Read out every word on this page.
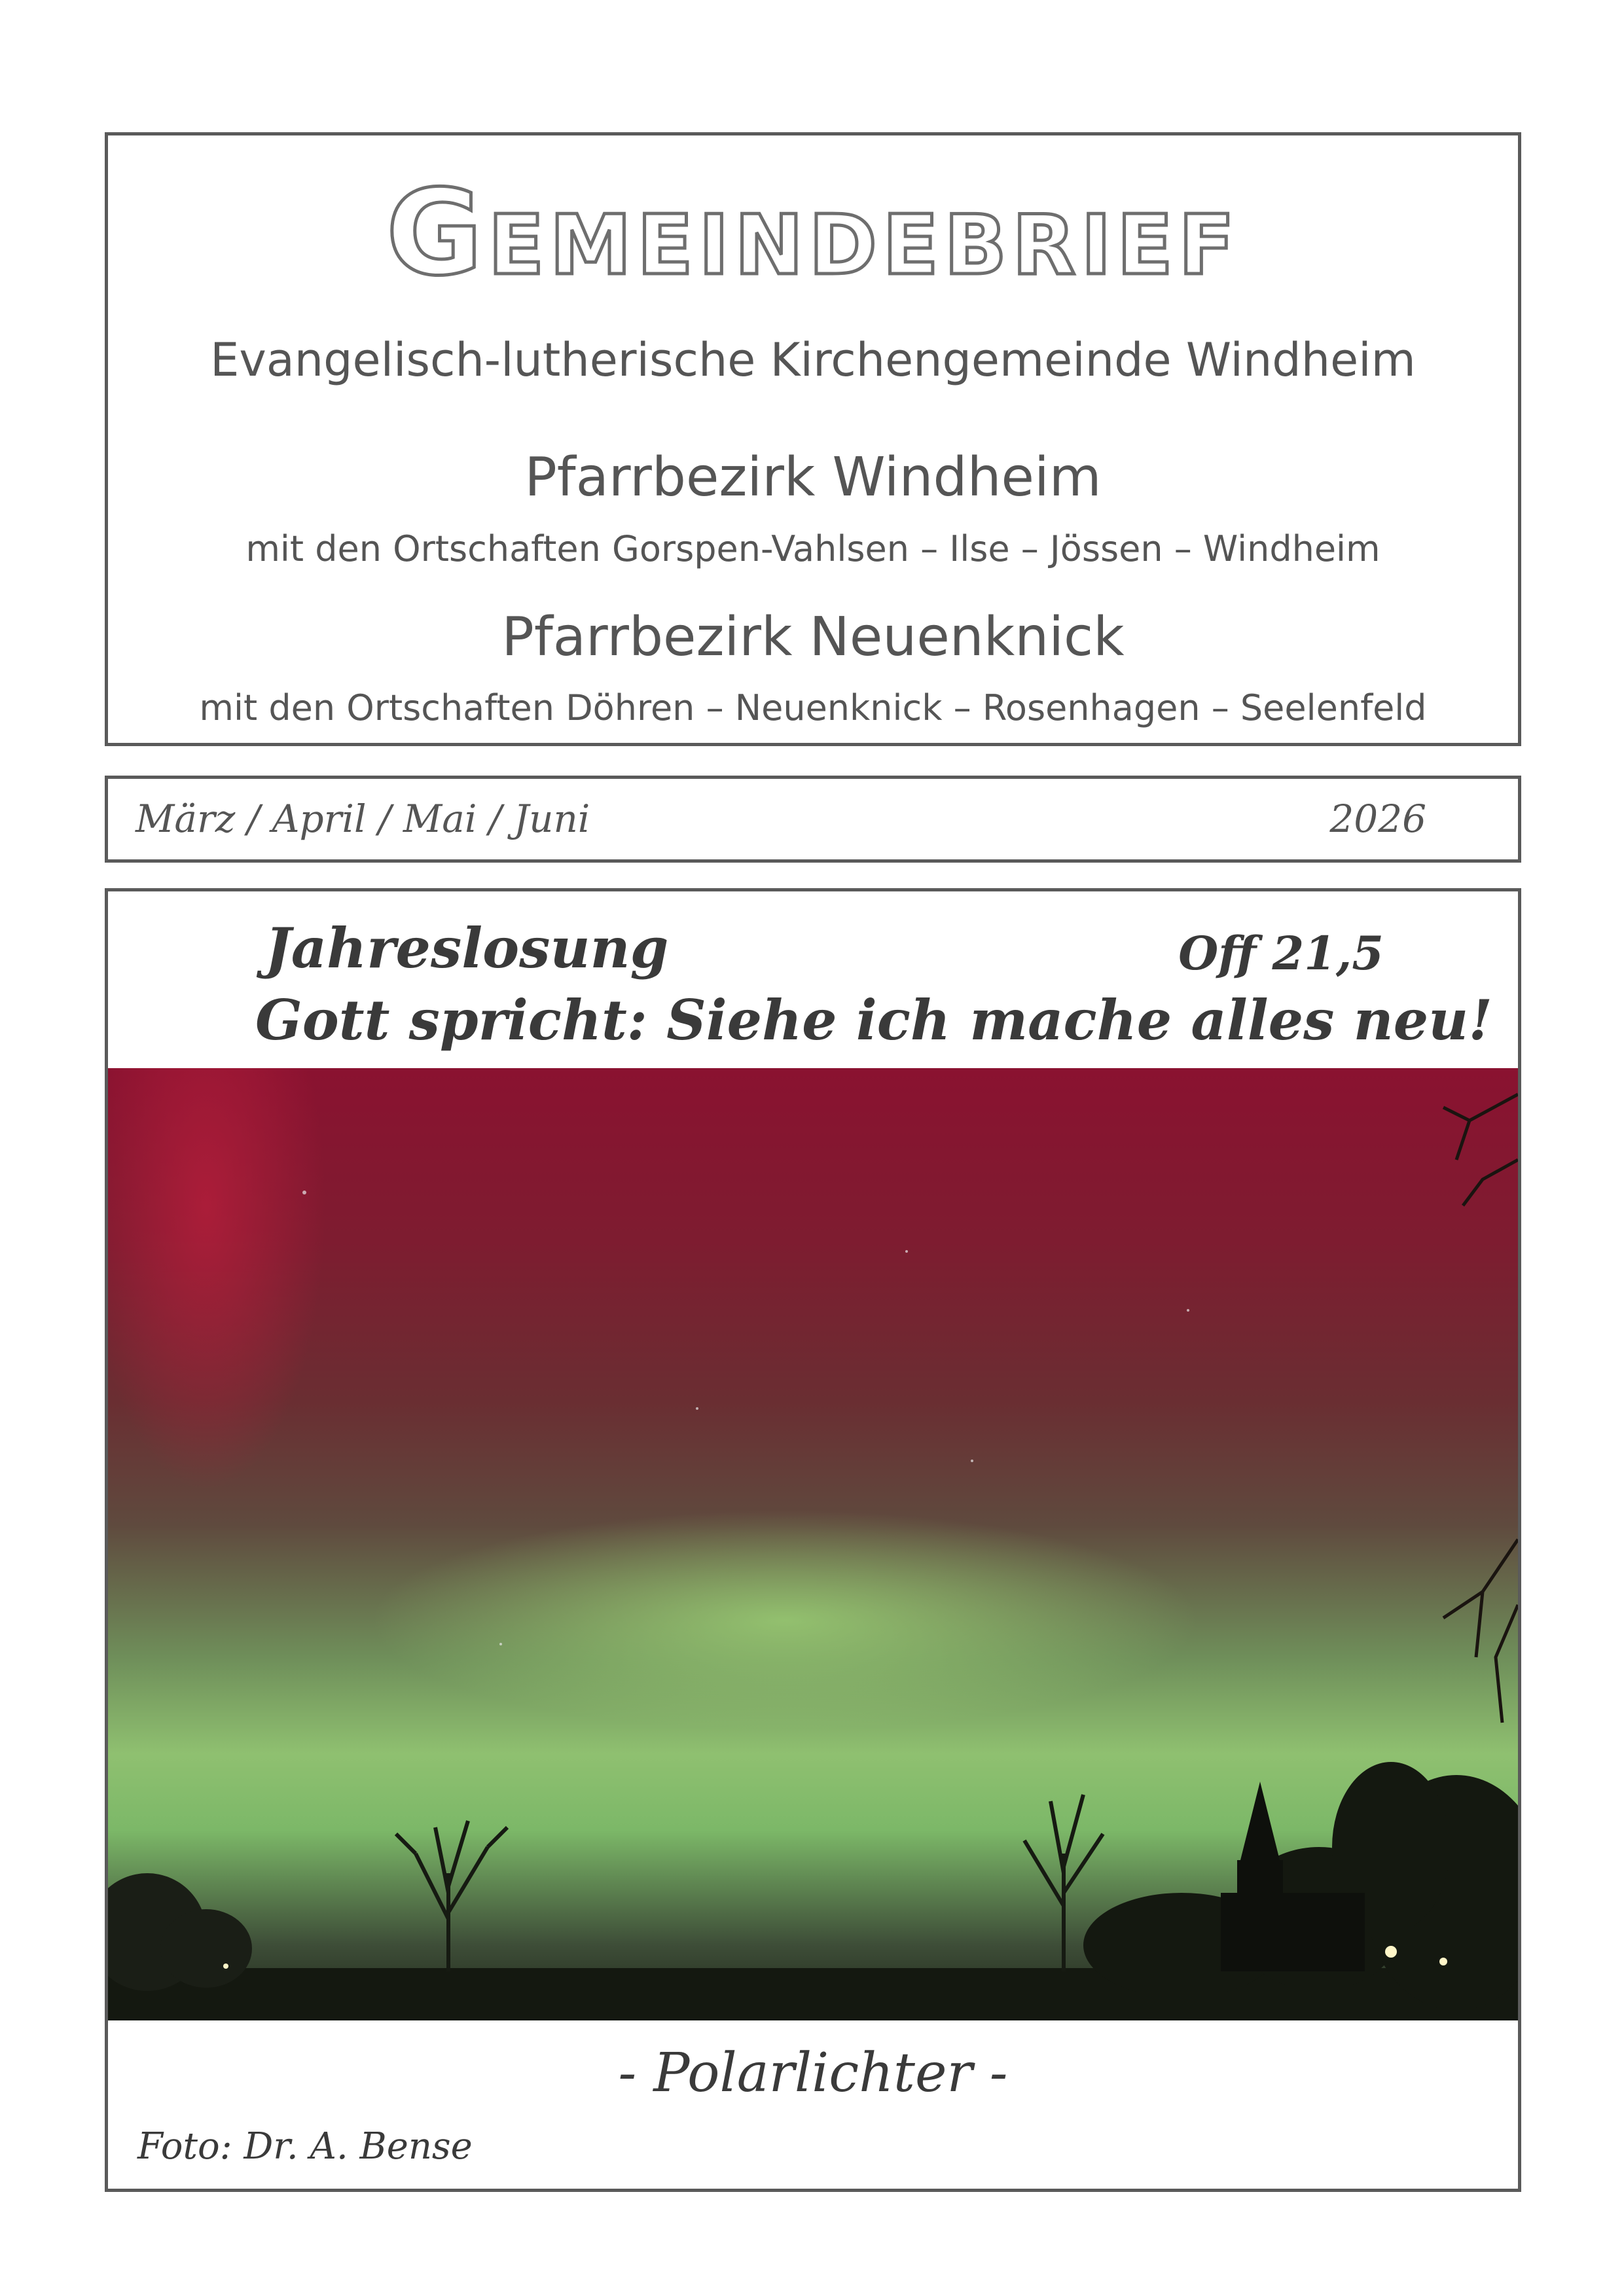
Gemeindebrief
Evangelisch-lutherische Kirchengemeinde Windheim
Pfarrbezirk Windheim
mit den Ortschaften Gorspen-Vahlsen – Ilse – Jössen – Windheim
Pfarrbezirk Neuenknick
mit den Ortschaften Döhren – Neuenknick – Rosenhagen – Seelenfeld
März / April / Mai / Juni	2026
Jahreslosung	Off 21,5
Gott spricht: Siehe ich mache alles neu!
- Polarlichter -
Foto: Dr. A. Bense
